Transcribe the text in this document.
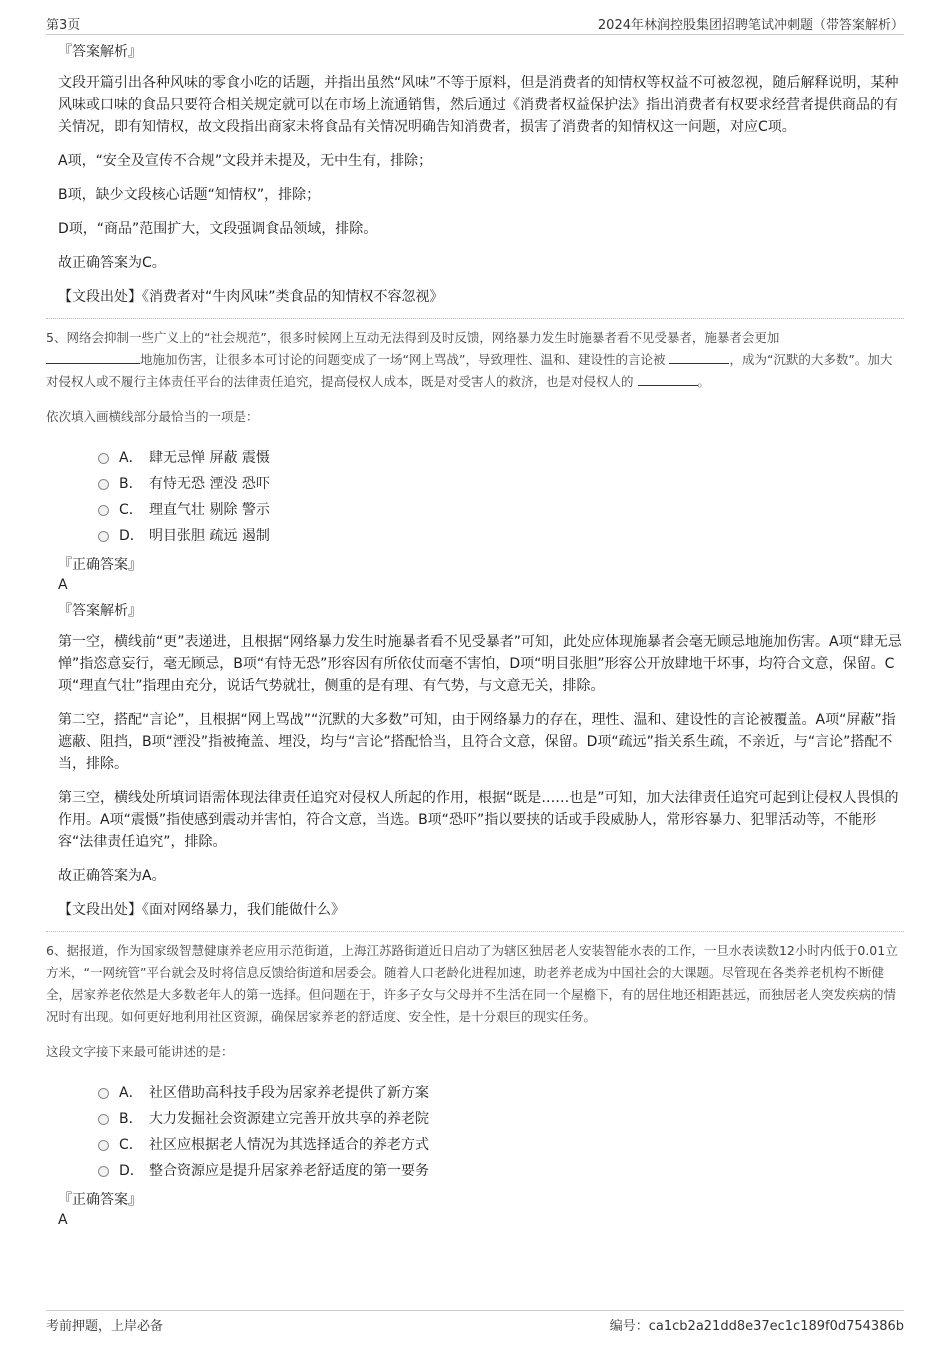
第3页	2024年林润控股集团招聘笔试冲刺题（带答案解析）

『答案解析』

文段开篇引出各种风味的零食小吃的话题，并指出虽然“风味”不等于原料，但是消费者的知情权等权益不可被忽视，随后解释说明，某种风味或口味的食品只要符合相关规定就可以在市场上流通销售，然后通过《消费者权益保护法》指出消费者有权要求经营者提供商品的有关情况，即有知情权，故文段指出商家未将食品有关情况明确告知消费者，损害了消费者的知情权这一问题，对应C项。

A项，“安全及宣传不合规”文段并未提及，无中生有，排除；

B项，缺少文段核心话题“知情权”，排除；

D项，“商品”范围扩大，文段强调食品领域，排除。

故正确答案为C。

【文段出处】《消费者对“牛肉风味”类食品的知情权不容忽视》

5、网络会抑制一些广义上的“社会规范”，很多时候网上互动无法得到及时反馈，网络暴力发生时施暴者看不见受暴者，施暴者会更加
地施加伤害，让很多本可讨论的问题变成了一场“网上骂战”，导致理性、温和、建设性的言论被	，成为“沉默的大多数”。加大对侵权人或不履行主体责任平台的法律责任追究，提高侵权人成本，既是对受害人的救济，也是对侵权人的	。

依次填入画横线部分最恰当的一项是：

A． 肆无忌惮 屏蔽 震慑
B． 有恃无恐 湮没 恐吓
C． 理直气壮 剔除 警示
D． 明目张胆 疏远 遏制

『正确答案』

A

『答案解析』

第一空，横线前“更”表递进，且根据“网络暴力发生时施暴者看不见受暴者”可知，此处应体现施暴者会毫无顾忌地施加伤害。A项“肆无忌惮”指恣意妄行，毫无顾忌，B项“有恃无恐”形容因有所依仗而毫不害怕，D项“明目张胆”形容公开放肆地干坏事，均符合文意，保留。C项“理直气壮”指理由充分，说话气势就壮，侧重的是有理、有气势，与文意无关，排除。

第二空，搭配“言论”，且根据“网上骂战”“沉默的大多数”可知，由于网络暴力的存在，理性、温和、建设性的言论被覆盖。A项“屏蔽”指遮蔽、阻挡，B项“湮没”指被掩盖、埋没，均与“言论”搭配恰当，且符合文意，保留。D项“疏远”指关系生疏，不亲近，与“言论”搭配不当，排除。

第三空，横线处所填词语需体现法律责任追究对侵权人所起的作用，根据“既是……也是”可知，加大法律责任追究可起到让侵权人畏惧的作用。A项“震慑”指使感到震动并害怕，符合文意，当选。B项“恐吓”指以要挟的话或手段威胁人，常形容暴力、犯罪活动等，不能形容“法律责任追究”，排除。

故正确答案为A。

【文段出处】《面对网络暴力，我们能做什么》

6、据报道，作为国家级智慧健康养老应用示范街道，上海江苏路街道近日启动了为辖区独居老人安装智能水表的工作，一旦水表读数12小时内低于0.01立方米，“一网统管”平台就会及时将信息反馈给街道和居委会。随着人口老龄化进程加速，助老养老成为中国社会的大课题。尽管现在各类养老机构不断健全，居家养老依然是大多数老年人的第一选择。但问题在于，许多子女与父母并不生活在同一个屋檐下，有的居住地还相距甚远，而独居老人突发疾病的情况时有出现。如何更好地利用社区资源，确保居家养老的舒适度、安全性，是十分艰巨的现实任务。

这段文字接下来最可能讲述的是：

A． 社区借助高科技手段为居家养老提供了新方案
B． 大力发掘社会资源建立完善开放共享的养老院
C． 社区应根据老人情况为其选择适合的养老方式
D． 整合资源应是提升居家养老舒适度的第一要务

『正确答案』

A

考前押题，上岸必备	编号：ca1cb2a21dd8e37ec1c189f0d754386b
